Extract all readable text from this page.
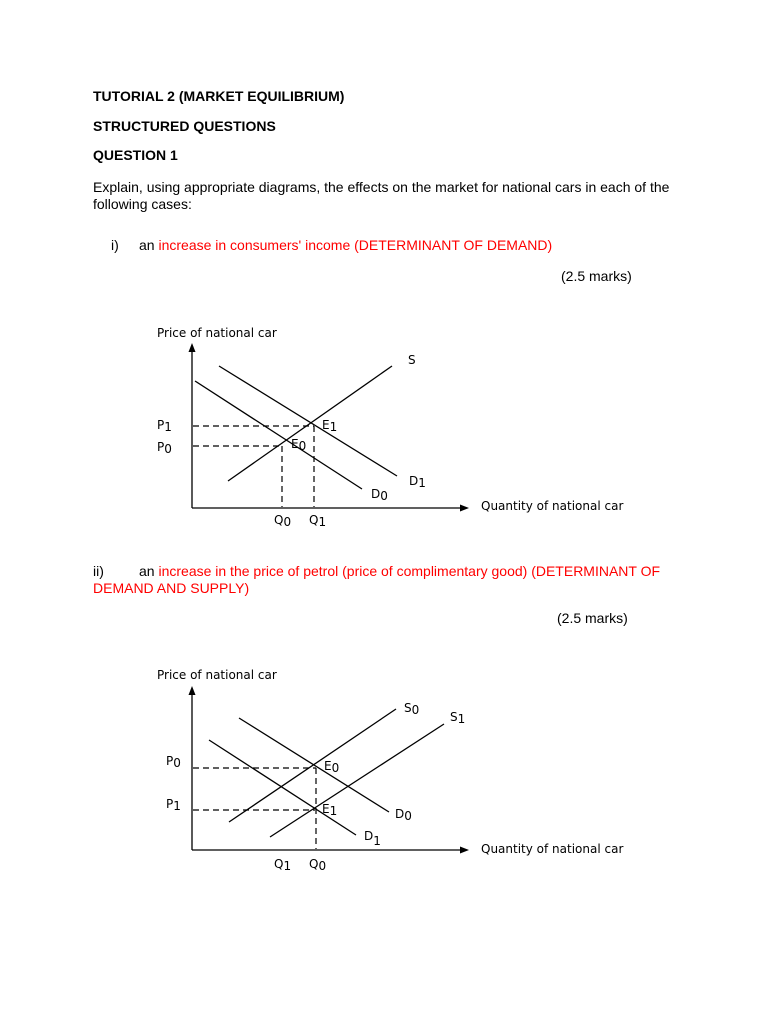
TUTORIAL 2 (MARKET EQUILIBRIUM)
STRUCTURED QUESTIONS
QUESTION 1
Explain, using appropriate diagrams, the effects on the market for national cars in each of the following cases:
i) an increase in consumers' income (DETERMINANT OF DEMAND)
(2.5 marks)
Price of national car
Quantity of national car
S
D1
D0
E1
E0
P1
P0
Q0 Q1
ii)	an increase in the price of petrol (price of complimentary good) (DETERMINANT OF DEMAND AND SUPPLY)
(2.5 marks)
Price of national car
Quantity of national car
S0	S1
D0
D1
E0
E1
P0
P1
Q1 Q0
